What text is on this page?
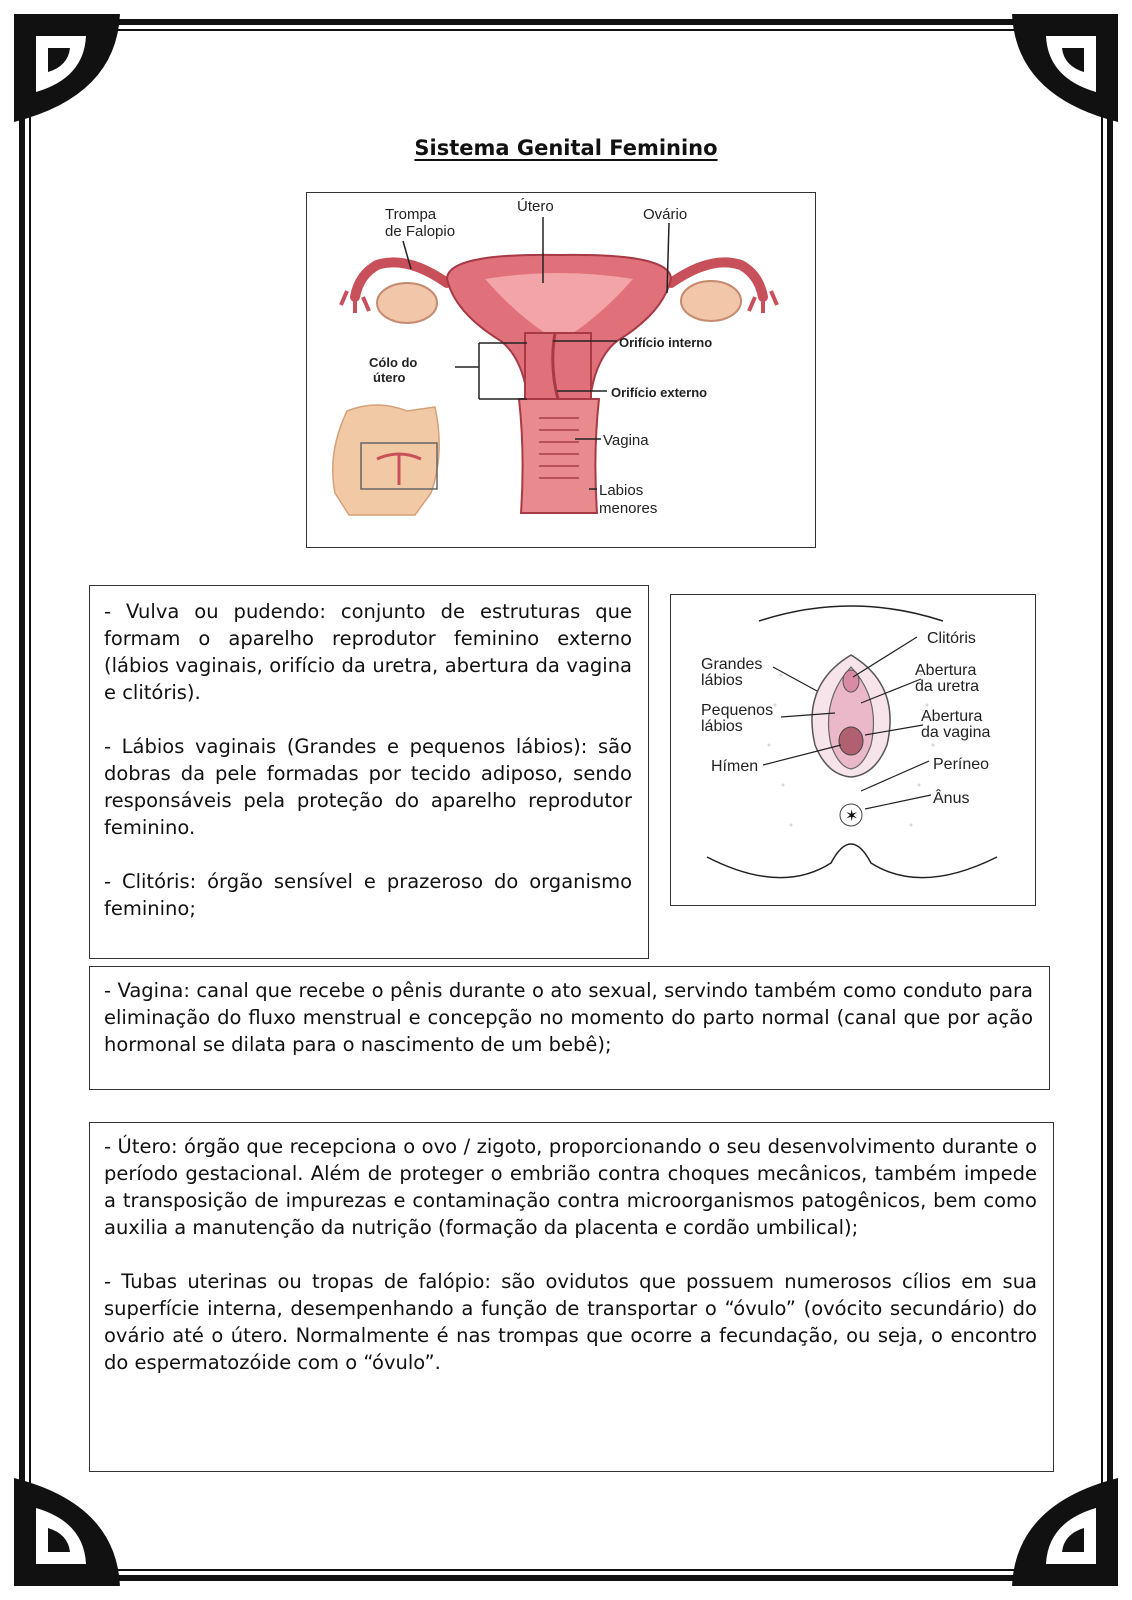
Sistema Genital Feminino
Trompa de Falopio
Útero	Ovário
Orifício interno
Cólo do útero
Orifício externo
Vagina
Labios menores

- Vulva ou pudendo: conjunto de estruturas que formam o aparelho reprodutor feminino externo (lábios vaginais, orifício da uretra, abertura da vagina e clitóris).

- Lábios vaginais (Grandes e pequenos lábios): são dobras da pele formadas por tecido adiposo, sendo responsáveis pela proteção do aparelho reprodutor feminino.

- Clitóris: órgão sensível e prazeroso do organismo feminino;

✶
Grandes lábios
Pequenos lábios
Hímen
Clitóris
Abertura da uretra
Abertura da vagina
Períneo
Ânus

- Vagina: canal que recebe o pênis durante o ato sexual, servindo também como conduto para eliminação do fluxo menstrual e concepção no momento do parto normal (canal que por ação hormonal se dilata para o nascimento de um bebê);

- Útero: órgão que recepciona o ovo / zigoto, proporcionando o seu desenvolvimento durante o período gestacional. Além de proteger o embrião contra choques mecânicos, também impede a transposição de impurezas e contaminação contra microorganismos patogênicos, bem como auxilia a manutenção da nutrição (formação da placenta e cordão umbilical);

- Tubas uterinas ou tropas de falópio: são ovidutos que possuem numerosos cílios em sua superfície interna, desempenhando a função de transportar o “óvulo” (ovócito secundário) do ovário até o útero. Normalmente é nas trompas que ocorre a fecundação, ou seja, o encontro do espermatozóide com o “óvulo”.
